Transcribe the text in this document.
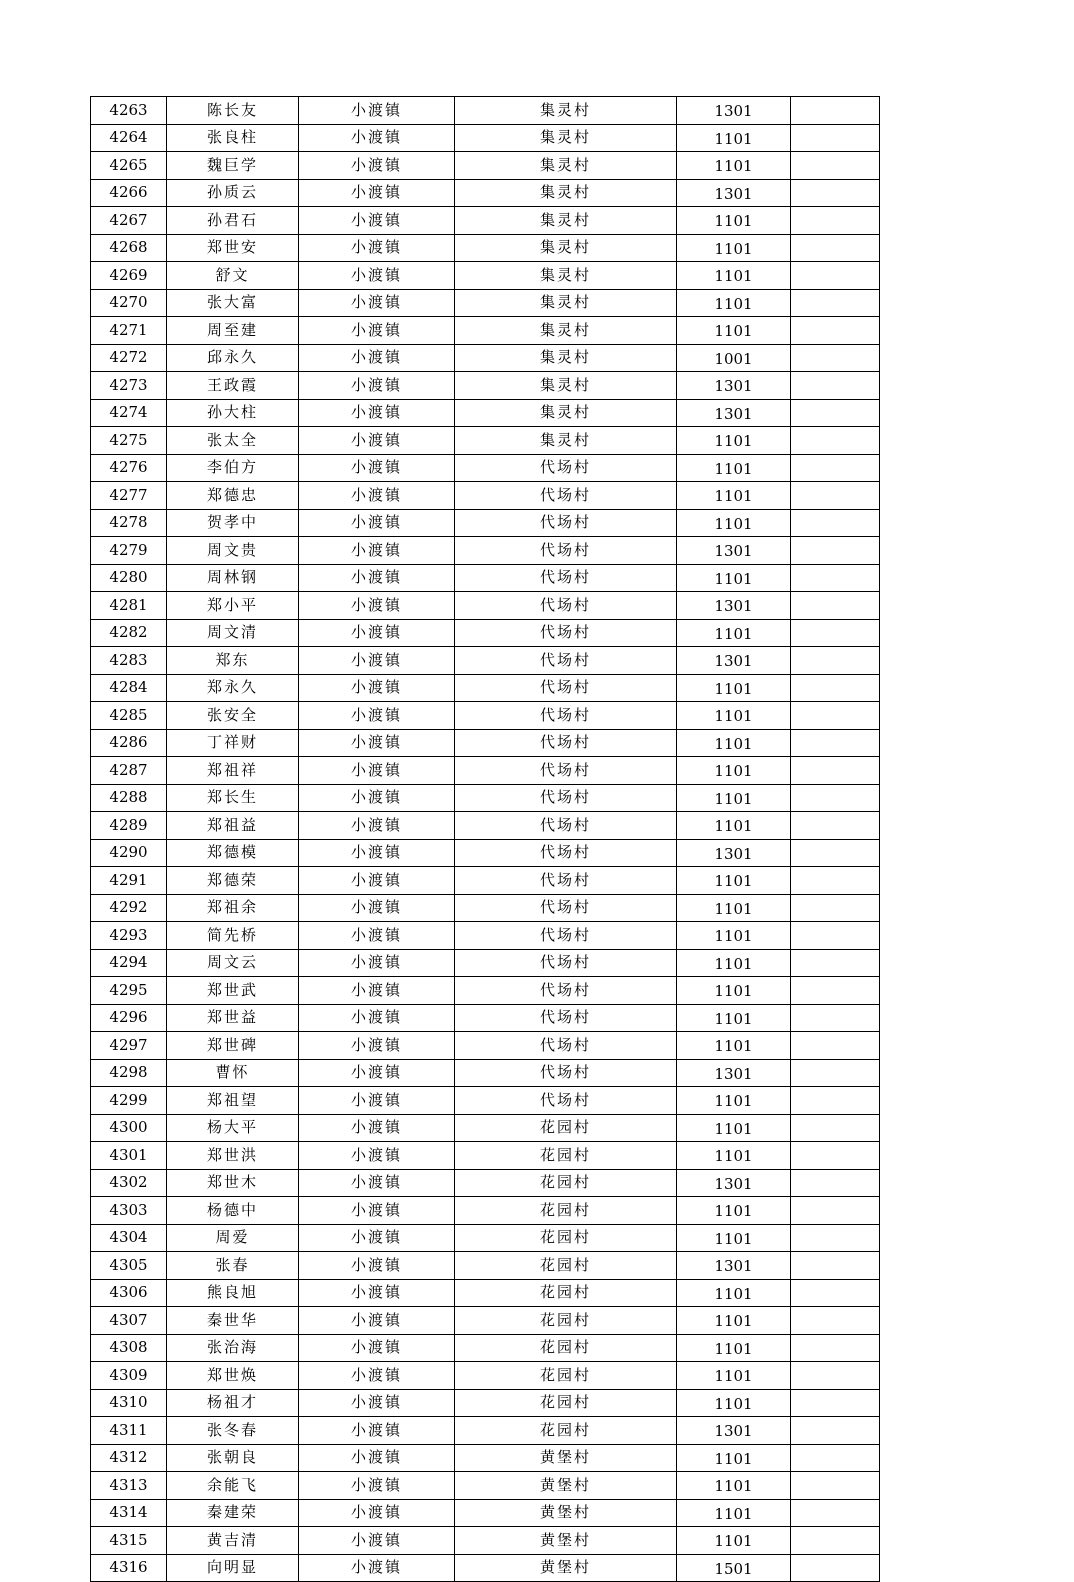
4263	陈长友	小渡镇	集灵村	1301	
4264	张良柱	小渡镇	集灵村	1101	
4265	魏巨学	小渡镇	集灵村	1101	
4266	孙质云	小渡镇	集灵村	1301	
4267	孙君石	小渡镇	集灵村	1101	
4268	郑世安	小渡镇	集灵村	1101	
4269	舒文	小渡镇	集灵村	1101	
4270	张大富	小渡镇	集灵村	1101	
4271	周至建	小渡镇	集灵村	1101	
4272	邱永久	小渡镇	集灵村	1001	
4273	王政霞	小渡镇	集灵村	1301	
4274	孙大柱	小渡镇	集灵村	1301	
4275	张太全	小渡镇	集灵村	1101	
4276	李伯方	小渡镇	代场村	1101	
4277	郑德忠	小渡镇	代场村	1101	
4278	贺孝中	小渡镇	代场村	1101	
4279	周文贵	小渡镇	代场村	1301	
4280	周林钢	小渡镇	代场村	1101	
4281	郑小平	小渡镇	代场村	1301	
4282	周文清	小渡镇	代场村	1101	
4283	郑东	小渡镇	代场村	1301	
4284	郑永久	小渡镇	代场村	1101	
4285	张安全	小渡镇	代场村	1101	
4286	丁祥财	小渡镇	代场村	1101	
4287	郑祖祥	小渡镇	代场村	1101	
4288	郑长生	小渡镇	代场村	1101	
4289	郑祖益	小渡镇	代场村	1101	
4290	郑德模	小渡镇	代场村	1301	
4291	郑德荣	小渡镇	代场村	1101	
4292	郑祖余	小渡镇	代场村	1101	
4293	简先桥	小渡镇	代场村	1101	
4294	周文云	小渡镇	代场村	1101	
4295	郑世武	小渡镇	代场村	1101	
4296	郑世益	小渡镇	代场村	1101	
4297	郑世碑	小渡镇	代场村	1101	
4298	曹怀	小渡镇	代场村	1301	
4299	郑祖望	小渡镇	代场村	1101	
4300	杨大平	小渡镇	花园村	1101	
4301	郑世洪	小渡镇	花园村	1101	
4302	郑世木	小渡镇	花园村	1301	
4303	杨德中	小渡镇	花园村	1101	
4304	周爱	小渡镇	花园村	1101	
4305	张春	小渡镇	花园村	1301	
4306	熊良旭	小渡镇	花园村	1101	
4307	秦世华	小渡镇	花园村	1101	
4308	张治海	小渡镇	花园村	1101	
4309	郑世焕	小渡镇	花园村	1101	
4310	杨祖才	小渡镇	花园村	1101	
4311	张冬春	小渡镇	花园村	1301	
4312	张朝良	小渡镇	黄堡村	1101	
4313	余能飞	小渡镇	黄堡村	1101	
4314	秦建荣	小渡镇	黄堡村	1101	
4315	黄吉清	小渡镇	黄堡村	1101	
4316	向明显	小渡镇	黄堡村	1501	
